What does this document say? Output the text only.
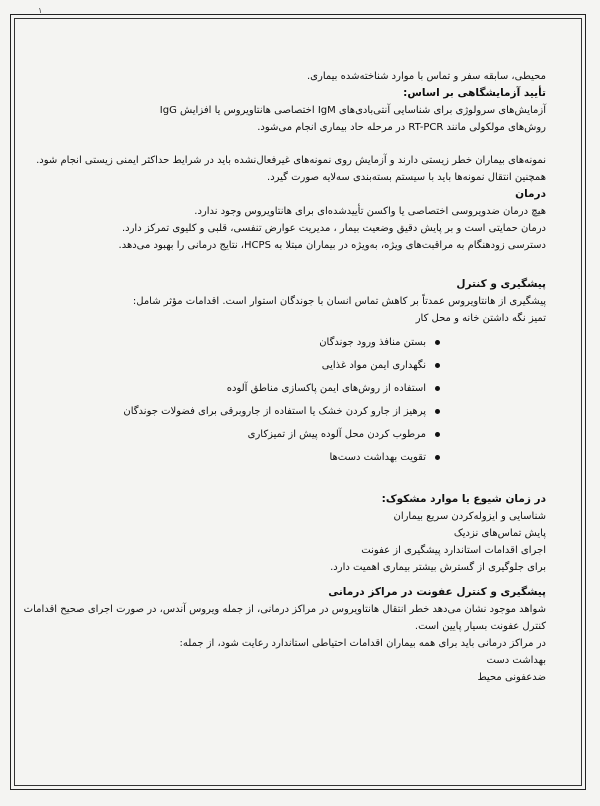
۱

محیطی، سابقه سفر و تماس با موارد شناخته‌شده بیماری.

تأیید آزمایشگاهی بر اساس:

آزمایش‌های سرولوژی برای شناسایی آنتی‌بادی‌های IgM اختصاصی هانتاویروس یا افزایش IgG

روش‌های مولکولی مانند RT-PCR در مرحله حاد بیماری انجام می‌شود.

نمونه‌های بیماران خطر زیستی دارند و آزمایش روی نمونه‌های غیرفعال‌نشده باید در شرایط حداکثر ایمنی زیستی انجام شود.

همچنین انتقال نمونه‌ها باید با سیستم بسته‌بندی سه‌لایه صورت گیرد.

درمان

هیچ درمان ضدویروسی اختصاصی یا واکسن تأییدشده‌ای برای هانتاویروس وجود ندارد.

درمان حمایتی است و بر پایش دقیق وضعیت بیمار ، مدیریت عوارض تنفسی، قلبی و کلیوی تمرکز دارد.

دسترسی زودهنگام به مراقبت‌های ویژه، به‌ویژه در بیماران مبتلا به HCPS، نتایج درمانی را بهبود می‌دهد.

پیشگیری و کنترل

پیشگیری از هانتاویروس عمدتاً بر کاهش تماس انسان با جوندگان استوار است. اقدامات مؤثر شامل:

تمیز نگه داشتن خانه و محل کار

بستن منافذ ورود جوندگان
نگهداری ایمن مواد غذایی
استفاده از روش‌های ایمن پاکسازی مناطق آلوده
پرهیز از جارو کردن خشک یا استفاده از جاروبرقی برای فضولات جوندگان
مرطوب کردن محل آلوده پیش از تمیزکاری
تقویت بهداشت دست‌ها

در زمان شیوع یا موارد مشکوک:

شناسایی و ایزوله‌کردن سریع بیماران

پایش تماس‌های نزدیک

اجرای اقدامات استاندارد پیشگیری از عفونت

برای جلوگیری از گسترش بیشتر بیماری اهمیت دارد.

پیشگیری و کنترل عفونت در مراکز درمانی

شواهد موجود نشان می‌دهد خطر انتقال هانتاویروس در مراکز درمانی، از جمله ویروس آندس، در صورت اجرای صحیح اقدامات

کنترل عفونت بسیار پایین است.

در مراکز درمانی باید برای همه بیماران اقدامات احتیاطی استاندارد رعایت شود، از جمله:

بهداشت دست

ضدعفونی محیط
